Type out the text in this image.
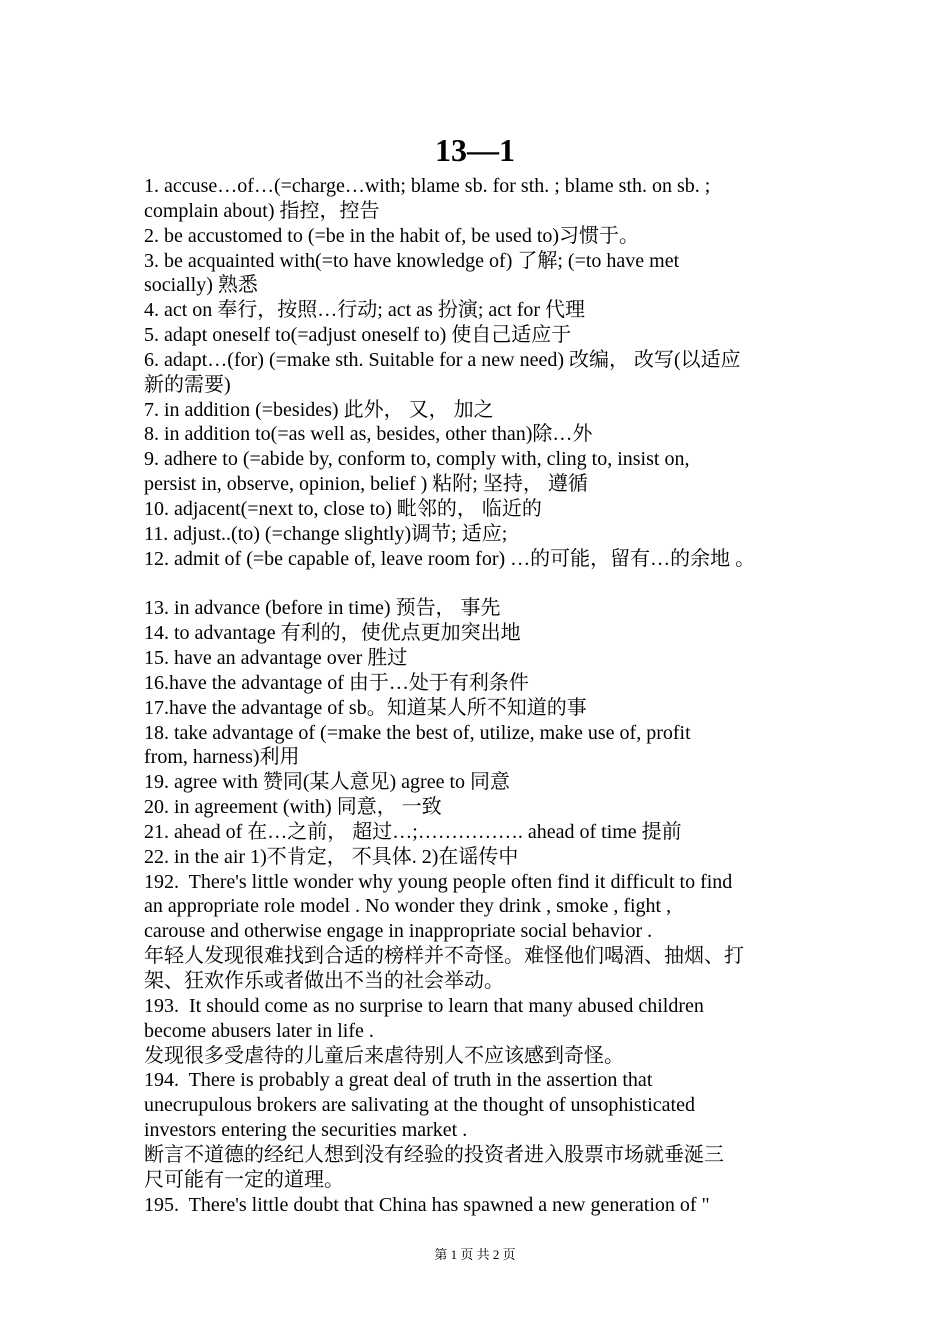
13—1
1. accuse…of…(=charge…with; blame sb. for sth. ; blame sth. on sb. ;
complain about) 指控，控告
2. be accustomed to (=be in the habit of, be used to)习惯于。
3. be acquainted with(=to have knowledge of) 了解; (=to have met
socially) 熟悉
4. act on 奉行，按照…行动; act as 扮演; act for 代理
5. adapt oneself to(=adjust oneself to) 使自己适应于
6. adapt…(for) (=make sth. Suitable for a new need) 改编， 改写(以适应
新的需要)
7. in addition (=besides) 此外， 又， 加之
8. in addition to(=as well as, besides, other than)除…外
9. adhere to (=abide by, conform to, comply with, cling to, insist on,
persist in, observe, opinion, belief ) 粘附; 坚持， 遵循
10. adjacent(=next to, close to) 毗邻的， 临近的
11. adjust..(to) (=change slightly)调节; 适应;
12. admit of (=be capable of, leave room for) …的可能，留有…的余地 。
13. in advance (before in time) 预告， 事先
14. to advantage 有利的，使优点更加突出地
15. have an advantage over 胜过
16.have the advantage of 由于…处于有利条件
17.have the advantage of sb。知道某人所不知道的事
18. take advantage of (=make the best of, utilize, make use of, profit
from, harness)利用
19. agree with 赞同(某人意见) agree to 同意
20. in agreement (with) 同意， 一致
21. ahead of 在…之前， 超过…;……………. ahead of time 提前
22. in the air 1)不肯定， 不具体. 2)在谣传中
192.  There's little wonder why young people often find it difficult to find
an appropriate role model . No wonder they drink , smoke , fight ,
carouse and otherwise engage in inappropriate social behavior .
年轻人发现很难找到合适的榜样并不奇怪。难怪他们喝酒、抽烟、打
架、狂欢作乐或者做出不当的社会举动。
193.  It should come as no surprise to learn that many abused children
become abusers later in life .
发现很多受虐待的儿童后来虐待别人不应该感到奇怪。
194.  There is probably a great deal of truth in the assertion that
unecrupulous brokers are salivating at the thought of unsophisticated
investors entering the securities market .
断言不道德的经纪人想到没有经验的投资者进入股票市场就垂涎三
尺可能有一定的道理。
195.  There's little doubt that China has spawned a new generation of "
第 1 页 共 2 页
